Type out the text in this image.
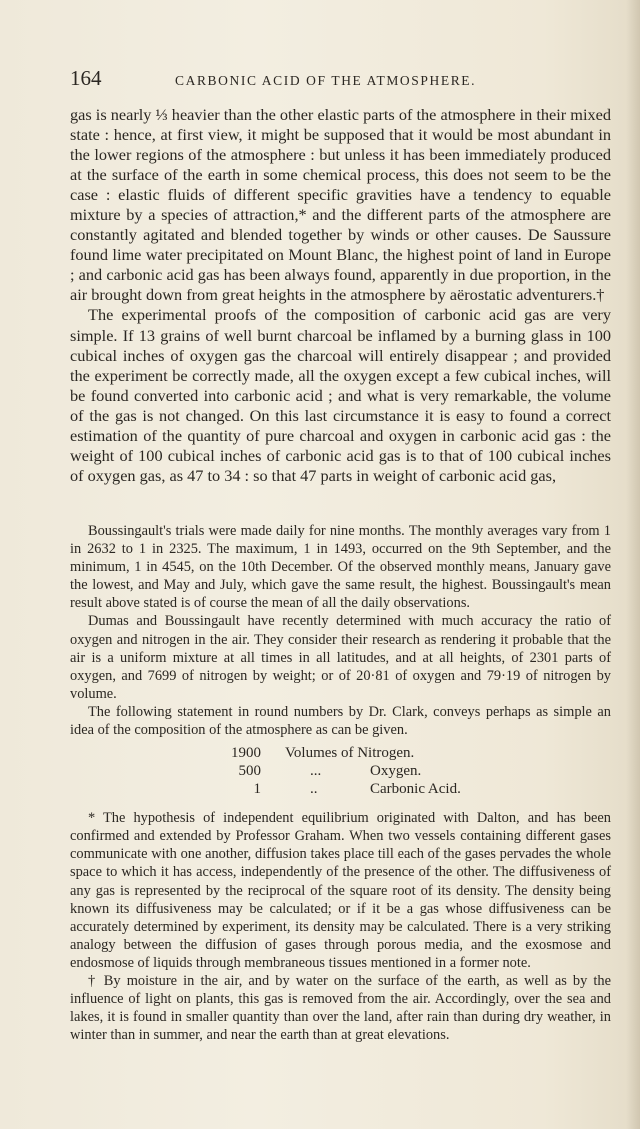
164	CARBONIC ACID OF THE ATMOSPHERE.

gas is nearly ⅓ heavier than the other elastic parts of the atmosphere in their mixed state : hence, at first view, it might be supposed that it would be most abundant in the lower regions of the atmosphere : but unless it has been immediately produced at the surface of the earth in some chemical process, this does not seem to be the case : elastic fluids of different specific gravities have a tendency to equable mixture by a species of attraction,* and the different parts of the atmosphere are constantly agitated and blended together by winds or other causes. De Saussure found lime water precipitated on Mount Blanc, the highest point of land in Europe ; and carbonic acid gas has been always found, apparently in due proportion, in the air brought down from great heights in the atmosphere by aërostatic adventurers.†

The experimental proofs of the composition of carbonic acid gas are very simple. If 13 grains of well burnt charcoal be inflamed by a burning glass in 100 cubical inches of oxygen gas the charcoal will entirely disappear ; and provided the experiment be correctly made, all the oxygen except a few cubical inches, will be found converted into carbonic acid ; and what is very remarkable, the volume of the gas is not changed. On this last circumstance it is easy to found a correct estimation of the quantity of pure charcoal and oxygen in carbonic acid gas : the weight of 100 cubical inches of carbonic acid gas is to that of 100 cubical inches of oxygen gas, as 47 to 34 : so that 47 parts in weight of carbonic acid gas,

Boussingault's trials were made daily for nine months. The monthly averages vary from 1 in 2632 to 1 in 2325. The maximum, 1 in 1493, occurred on the 9th September, and the minimum, 1 in 4545, on the 10th December. Of the observed monthly means, January gave the lowest, and May and July, which gave the same result, the highest. Boussingault's mean result above stated is of course the mean of all the daily observations.

Dumas and Boussingault have recently determined with much accuracy the ratio of oxygen and nitrogen in the air. They consider their research as rendering it probable that the air is a uniform mixture at all times in all latitudes, and at all heights, of 2301 parts of oxygen, and 7699 of nitrogen by weight; or of 20·81 of oxygen and 79·19 of nitrogen by volume.

The following statement in round numbers by Dr. Clark, conveys perhaps as simple an idea of the composition of the atmosphere as can be given.

1900 Volumes of Nitrogen.
500	...	Oxygen.
1	..	Carbonic Acid.

* The hypothesis of independent equilibrium originated with Dalton, and has been confirmed and extended by Professor Graham. When two vessels containing different gases communicate with one another, diffusion takes place till each of the gases pervades the whole space to which it has access, independently of the presence of the other. The diffusiveness of any gas is represented by the reciprocal of the square root of its density. The density being known its diffusiveness may be calculated; or if it be a gas whose diffusiveness can be accurately determined by experiment, its density may be calculated. There is a very striking analogy between the diffusion of gases through porous media, and the exosmose and endosmose of liquids through membraneous tissues mentioned in a former note.

† By moisture in the air, and by water on the surface of the earth, as well as by the influence of light on plants, this gas is removed from the air. Accordingly, over the sea and lakes, it is found in smaller quantity than over the land, after rain than during dry weather, in winter than in summer, and near the earth than at great elevations.
